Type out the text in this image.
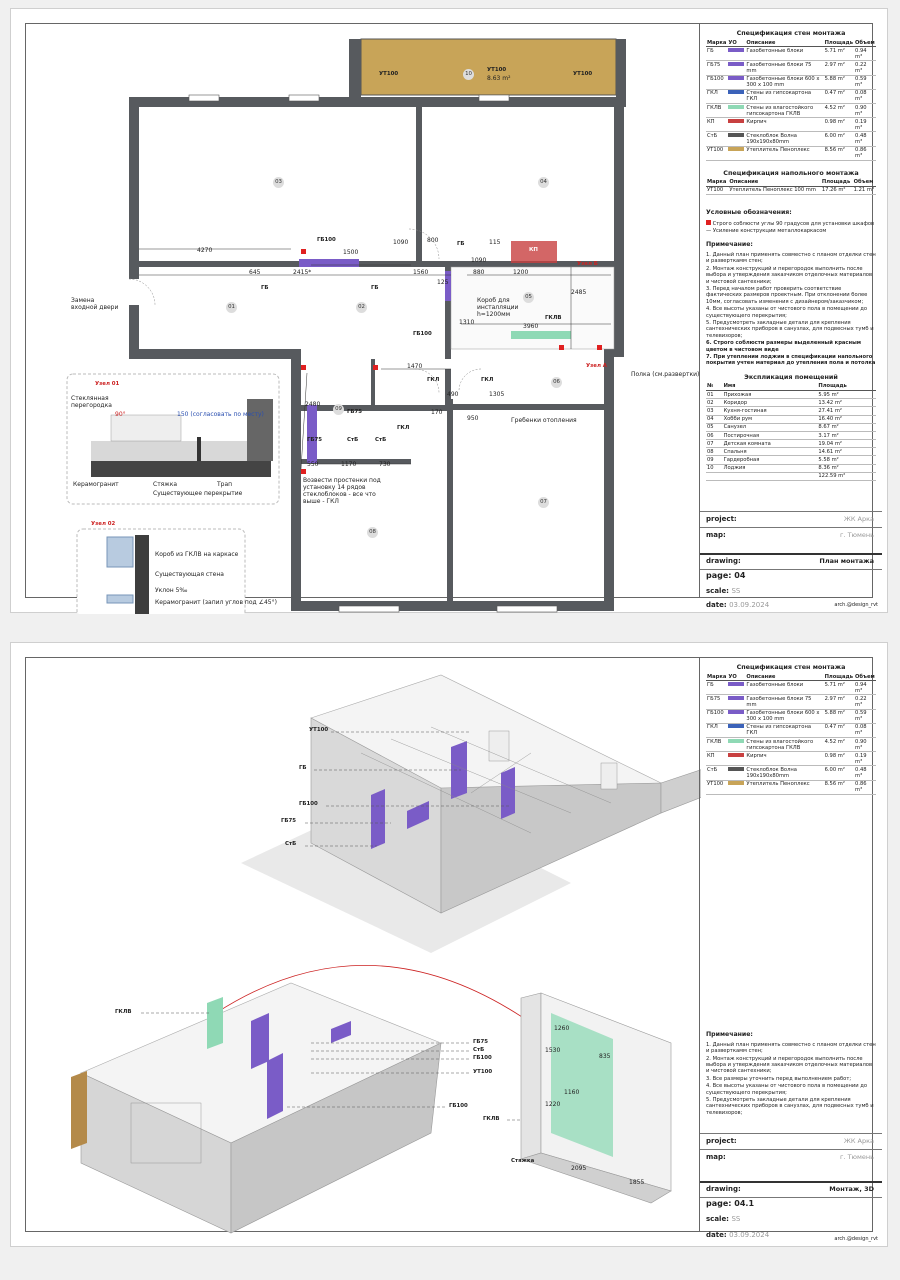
03	04
01	02
05
06
07
08
09
10
УТ100
8.63 m²
УТ100	УТ100
ГБ100
ГБ	ГБ
ГБ
ГКЛВ
ГБ100
ГКЛ	ГКЛ
ГБ75
ГБ75	СтБ	СтБ
ГКЛ
Замена входной двери
Короб для инсталляции h=1200мм
Полка (см.развертки)
Гребенки отопления
Возвести простенки под установку 14 рядов стеклоблоков - все что выше - ГКЛ
Узел А
Узел Б
КП
4270	1500
1090	800	115
645	2415*	1560
1090
880	1200
125
2485
3960
1310
1470
490
170
1305
950
2480
1170	730
550
Узел 01
Стеклянная перегородка
150 (согласовать по месту)
Керамогранит	Стяжка	Трап
Существующее перекрытие
90°
Узел 02
Короб из ГКЛВ на каркасе
Существующая стена
Уклон 5‰
Керамогранит (запил углов под ∠45°)
Спецификация стен монтажа
Марка	УО	Описание	Площадь	Объем
ГБ		Газобетонные блоки	5.71 m²	0.94 m³
ГБ75		Газобетонные блоки 75 mm	2.97 m²	0.22 m³
ГБ100		Газобетонные блоки 600 x 300 x 100 mm	5.88 m²	0.59 m³
ГКЛ		Стены из гипсокартона ГКЛ	0.47 m²	0.08 m³
ГКЛВ		Стены из влагостойкого гипсокартона ГКЛВ	4.52 m²	0.90 m³
КП		Кирпич	0.98 m²	0.19 m³
СтБ		Стеклоблок Волна 190x190x80mm	6.00 m²	0.48 m³
УТ100		Утеплитель Пеноплекс	8.56 m²	0.86 m³
Спецификация напольного монтажа
Марка	Описание	Площадь	Объем
УТ100	Утеплитель Пеноплекс 100 mm	17.26 m²	1.21 m³
Условные обозначения:

Строго соблюсти углы 90 градусов для установки шкафов

— Усиление конструкции металлокаркасом

Примечание:

1. Данный план применять совместно с планом отделки стен и разверткамм стен;

2. Монтаж конструкций и перегородок выполнить после выбора и утверждения заказчиком отделочных материалов и чистовой сантехники;

3. Перед началом работ проверить соответствие фактических размеров проектным. При отклонении более 10мм, согласовать изменения с дизайнером/заказчиком;

4. Все высоты указаны от чистового пола в помещении до существующего перекрытия;

5. Предусмотреть закладные детали для крепления сантехнических приборов в санузлах, для подвесных тумб и телевизоров;

6. Строго соблюсти размеры выделенный красным цветом в чистовом виде

7. При утеплении лоджии в спецификации напольного покрытия учтен материал до утепления пола и потолка

Экспликация помещений
№	Имя	Площадь
01	Прихожая	5.95 m²
02	Коридор	13.42 m²
03	Кухня-гостиная	27.41 m²
04	Хобби рум	16.40 m²
05	Санузел	8.67 m²
06	Постирочная	3.17 m²
07	Детская комната	19.04 m²
08	Спальня	14.61 m²
09	Гардеробная	5.58 m²
10	Лоджия	8.36 m²
		122.59 m²
project:	ЖК Арка
map:	г. Тюмень
drawing:	План монтажа
page: 04
scale: SS
date: 03.09.2024	arch.@design_rvt
УТ100
ГБ
ГБ100
ГБ75
СтБ
ГКЛВ
ГБ75
СтБ
ГБ100
УТ100
ГБ100
ГКЛВ
Стяжка
1260
1530
1220
1160
835
2095
1855
Спецификация стен монтажа
Марка	УО	Описание	Площадь	Объем
ГБ		Газобетонные блоки	5.71 m²	0.94 m³
ГБ75		Газобетонные блоки 75 mm	2.97 m²	0.22 m³
ГБ100		Газобетонные блоки 600 x 300 x 100 mm	5.88 m²	0.59 m³
ГКЛ		Стены из гипсокартона ГКЛ	0.47 m²	0.08 m³
ГКЛВ		Стены из влагостойкого гипсокартона ГКЛВ	4.52 m²	0.90 m³
КП		Кирпич	0.98 m²	0.19 m³
СтБ		Стеклоблок Волна 190x190x80mm	6.00 m²	0.48 m³
УТ100		Утеплитель Пеноплекс	8.56 m²	0.86 m³
Примечание:

1. Данный план применять совместно с планом отделки стен и разверткамм стен;

2. Монтаж конструкций и перегородок выполнить после выбора и утверждения заказчиком отделочных материалов и чистовой сантехники;

3. Все размеры уточнить перед выполнением работ;

4. Все высоты указаны от чистового пола в помещении до существующего перекрытия;

5. Предусмотреть закладные детали для крепления сантехнических приборов в санузлах, для подвесных тумб и телевизоров;

project:	ЖК Арка
map:	г. Тюмень
drawing:	Монтаж, 3D
page: 04.1
scale: SS
date: 03.09.2024	arch.@design_rvt
